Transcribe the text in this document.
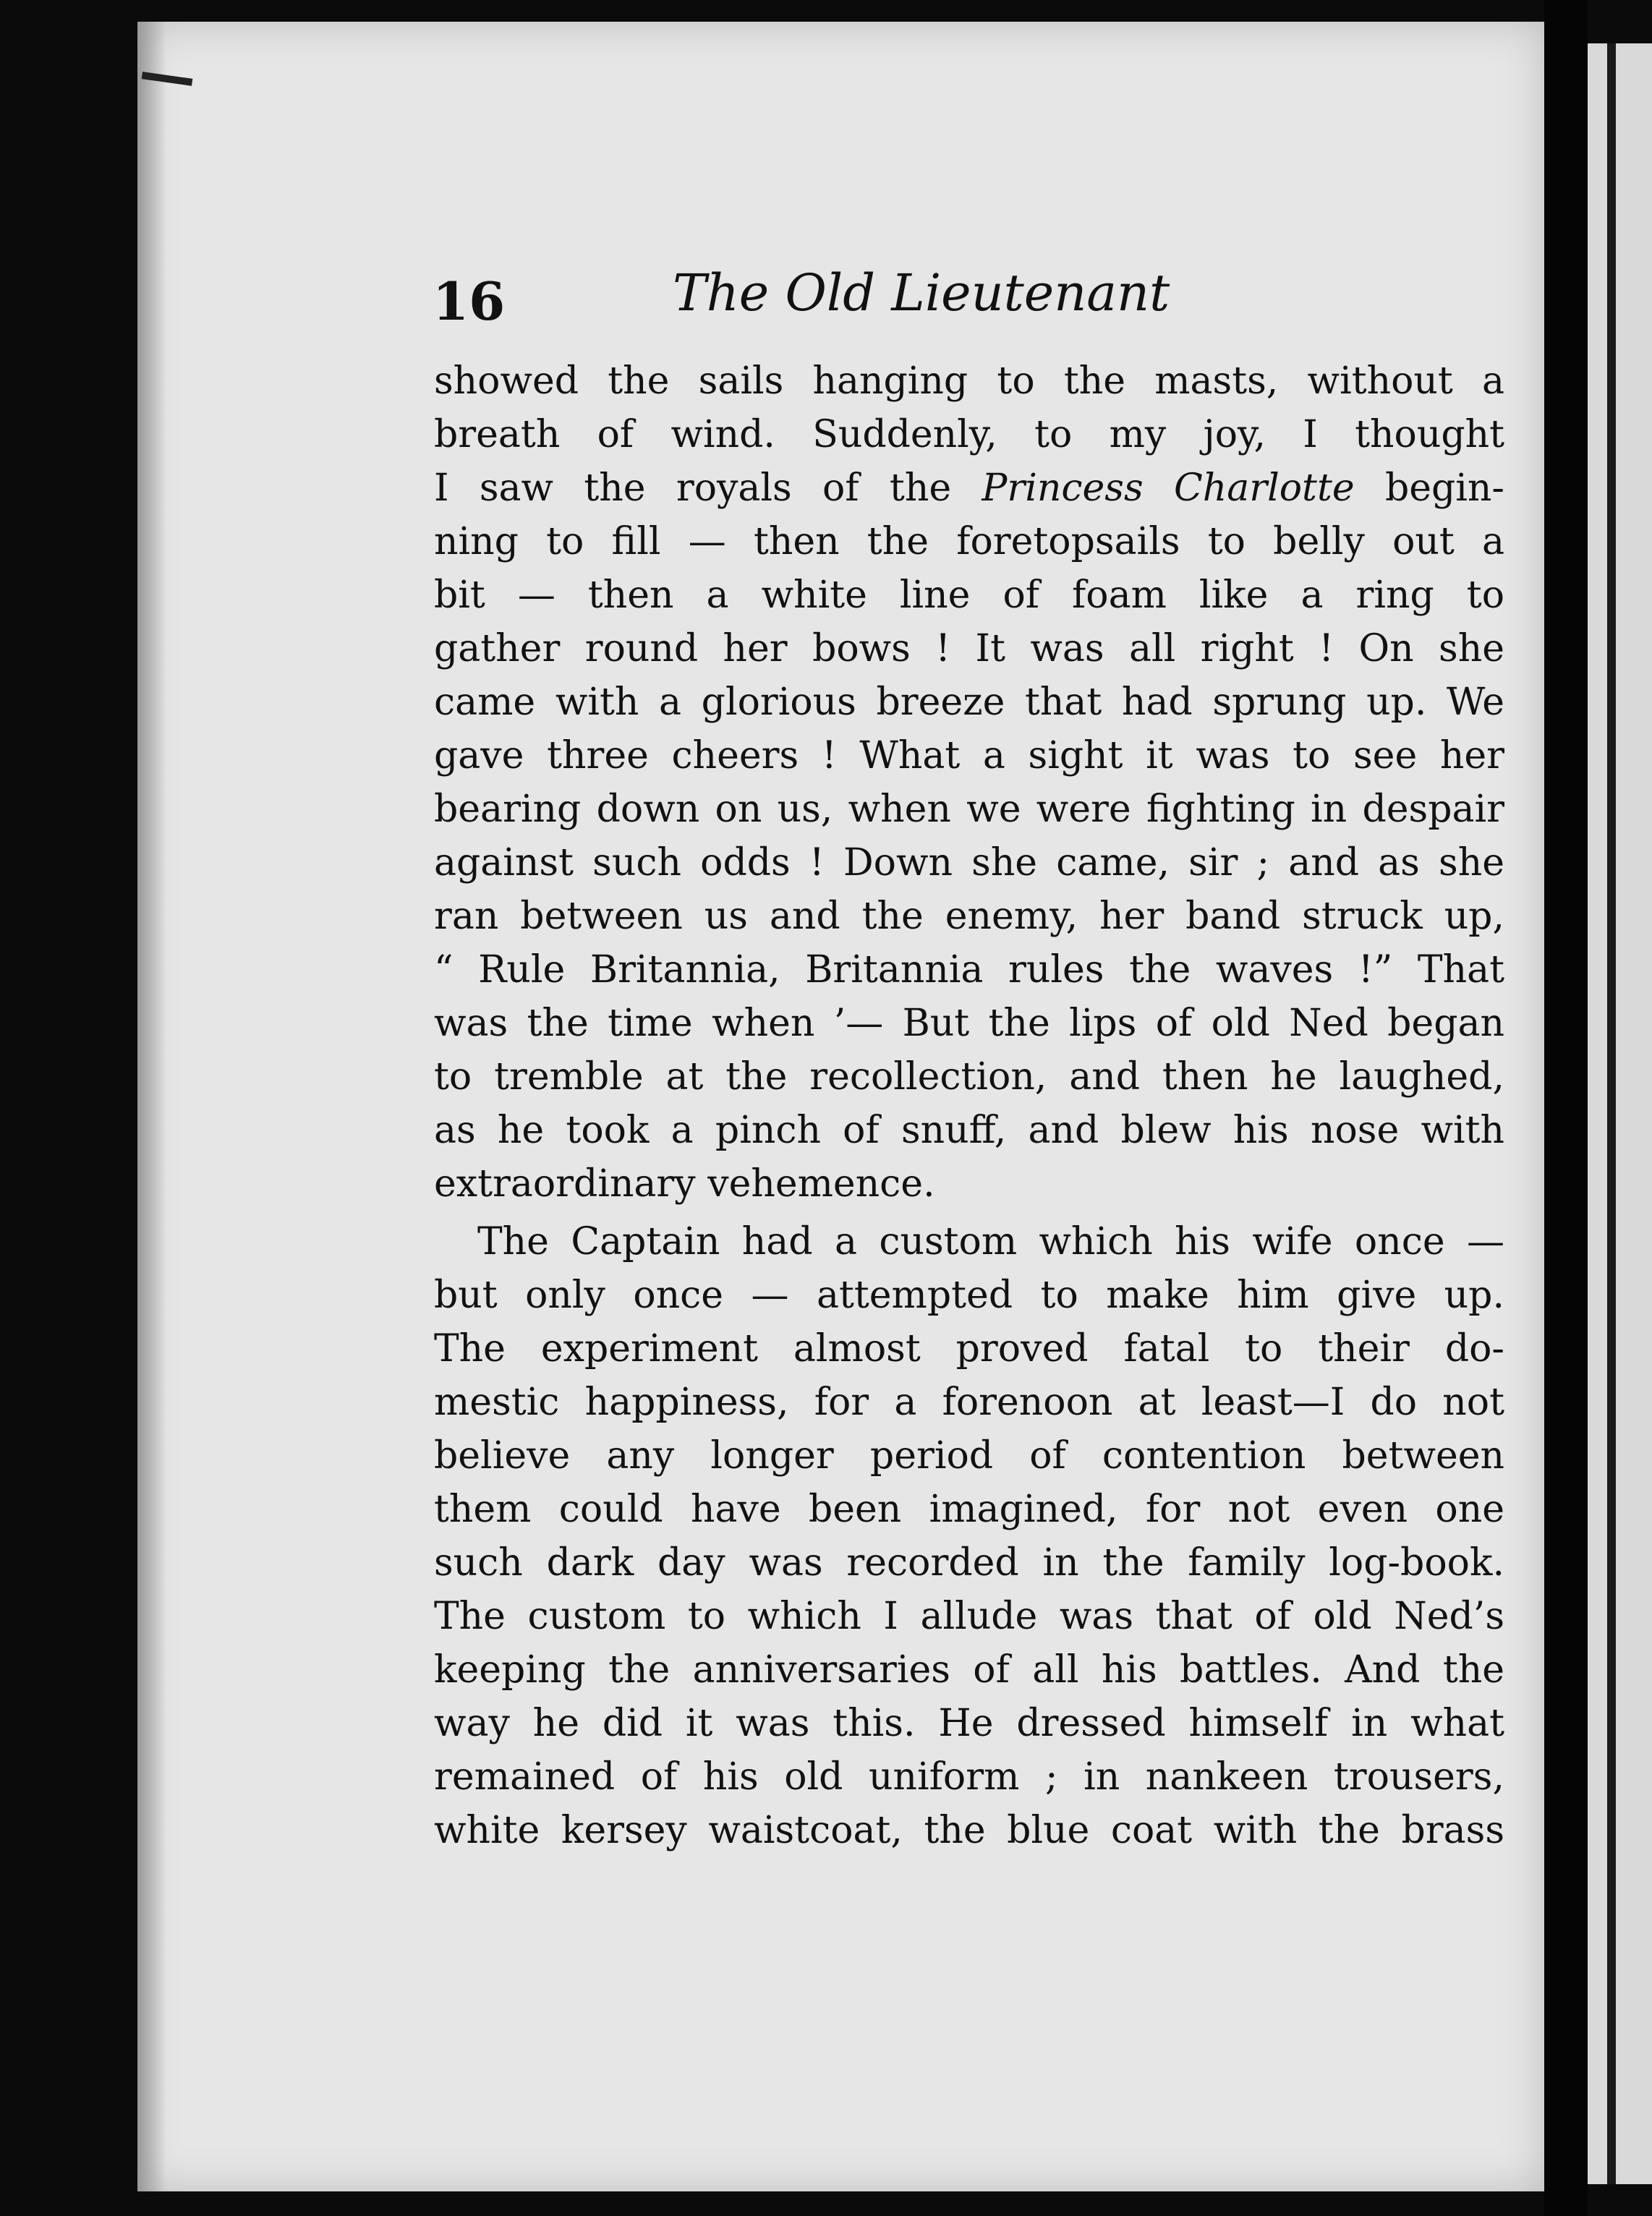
16	The Old Lieutenant
showed the sails hanging to the masts, without a
breath of wind. Suddenly, to my joy, I thought
I saw the royals of the Princess Charlotte begin-
ning to fill — then the foretopsails to belly out a
bit — then a white line of foam like a ring to
gather round her bows ! It was all right ! On she
came with a glorious breeze that had sprung up. We
gave three cheers ! What a sight it was to see her
bearing down on us, when we were fighting in despair
against such odds ! Down she came, sir ; and as she
ran between us and the enemy, her band struck up,
“ Rule Britannia, Britannia rules the waves !” That
was the time when ’— But the lips of old Ned began
to tremble at the recollection, and then he laughed,
as he took a pinch of snuff, and blew his nose with
extraordinary vehemence.
The Captain had a custom which his wife once —
but only once — attempted to make him give up.
The experiment almost proved fatal to their do-
mestic happiness, for a forenoon at least—I do not
believe any longer period of contention between
them could have been imagined, for not even one
such dark day was recorded in the family log-book.
The custom to which I allude was that of old Ned’s
keeping the anniversaries of all his battles. And the
way he did it was this. He dressed himself in what
remained of his old uniform ; in nankeen trousers,
white kersey waistcoat, the blue coat with the brass
